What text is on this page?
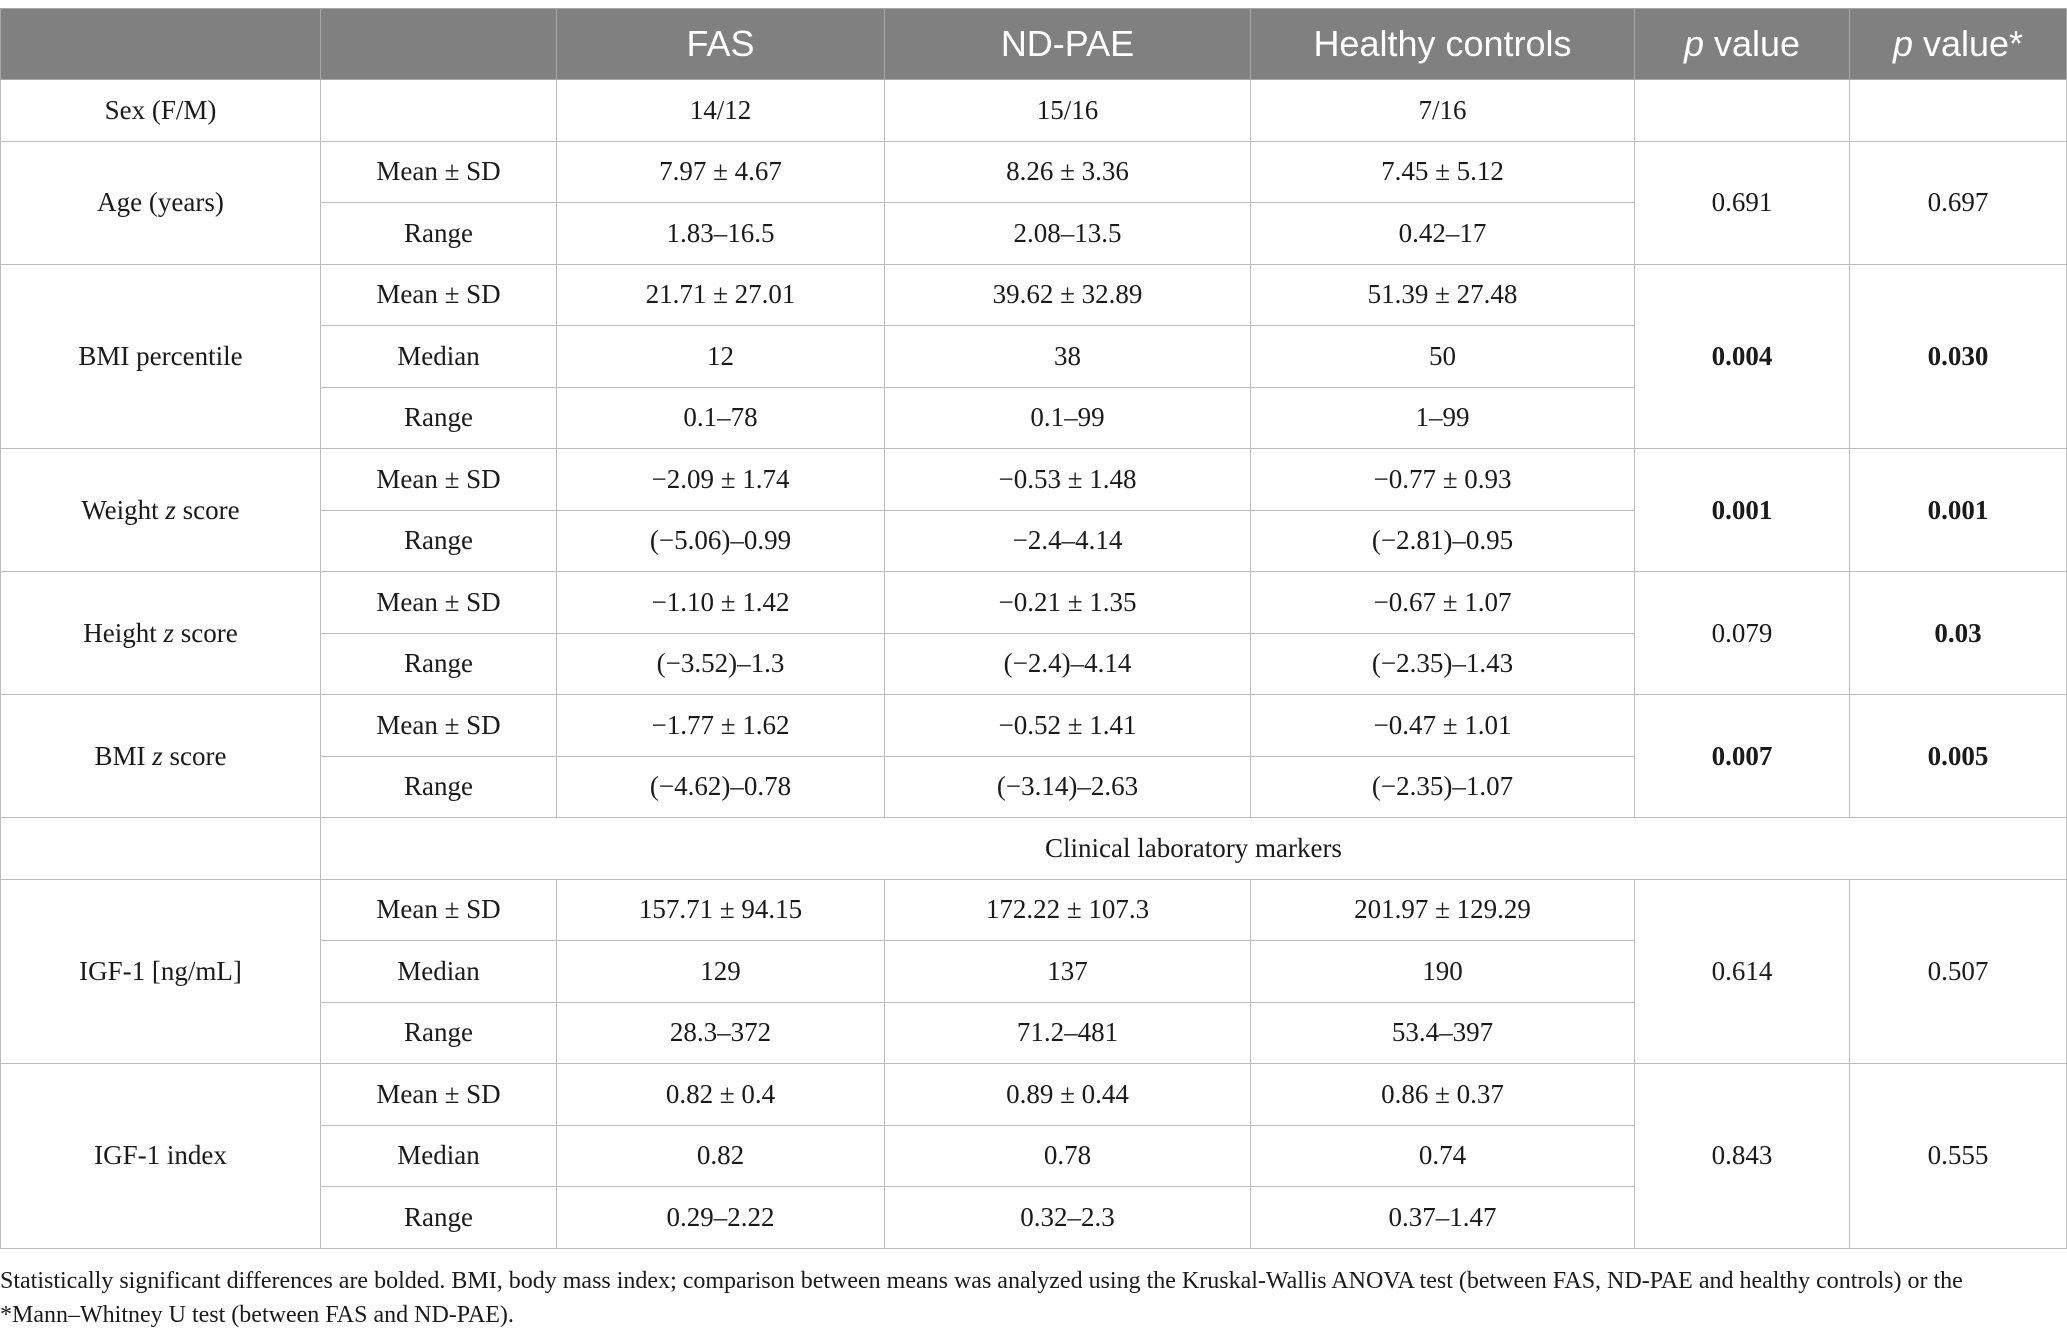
		FAS	ND-PAE	Healthy controls	p value	p value*
Sex (F/M)		14/12	15/16	7/16		
Age (years)	Mean ± SD	7.97 ± 4.67	8.26 ± 3.36	7.45 ± 5.12	0.691	0.697
	Range	1.83–16.5	2.08–13.5	0.42–17		
BMI percentile	Mean ± SD	21.71 ± 27.01	39.62 ± 32.89	51.39 ± 27.48	0.004	0.030
	Median	12	38	50		
	Range	0.1–78	0.1–99	1–99		
Weight z score	Mean ± SD	−2.09 ± 1.74	−0.53 ± 1.48	−0.77 ± 0.93	0.001	0.001
	Range	(−5.06)–0.99	−2.4–4.14	(−2.81)–0.95		
Height z score	Mean ± SD	−1.10 ± 1.42	−0.21 ± 1.35	−0.67 ± 1.07	0.079	0.03
	Range	(−3.52)–1.3	(−2.4)–4.14	(−2.35)–1.43		
BMI z score	Mean ± SD	−1.77 ± 1.62	−0.52 ± 1.41	−0.47 ± 1.01	0.007	0.005
	Range	(−4.62)–0.78	(−3.14)–2.63	(−2.35)–1.07		
	Clinical laboratory markers					
IGF-1 [ng/mL]	Mean ± SD	157.71 ± 94.15	172.22 ± 107.3	201.97 ± 129.29	0.614	0.507
	Median	129	137	190		
	Range	28.3–372	71.2–481	53.4–397		
IGF-1 index	Mean ± SD	0.82 ± 0.4	0.89 ± 0.44	0.86 ± 0.37	0.843	0.555
	Median	0.82	0.78	0.74		
	Range	0.29–2.22	0.32–2.3	0.37–1.47		
Statistically significant differences are bolded. BMI, body mass index; comparison between means was analyzed using the Kruskal-Wallis ANOVA test (between FAS, ND-PAE and healthy controls) or the *Mann–Whitney U test (between FAS and ND-PAE).
